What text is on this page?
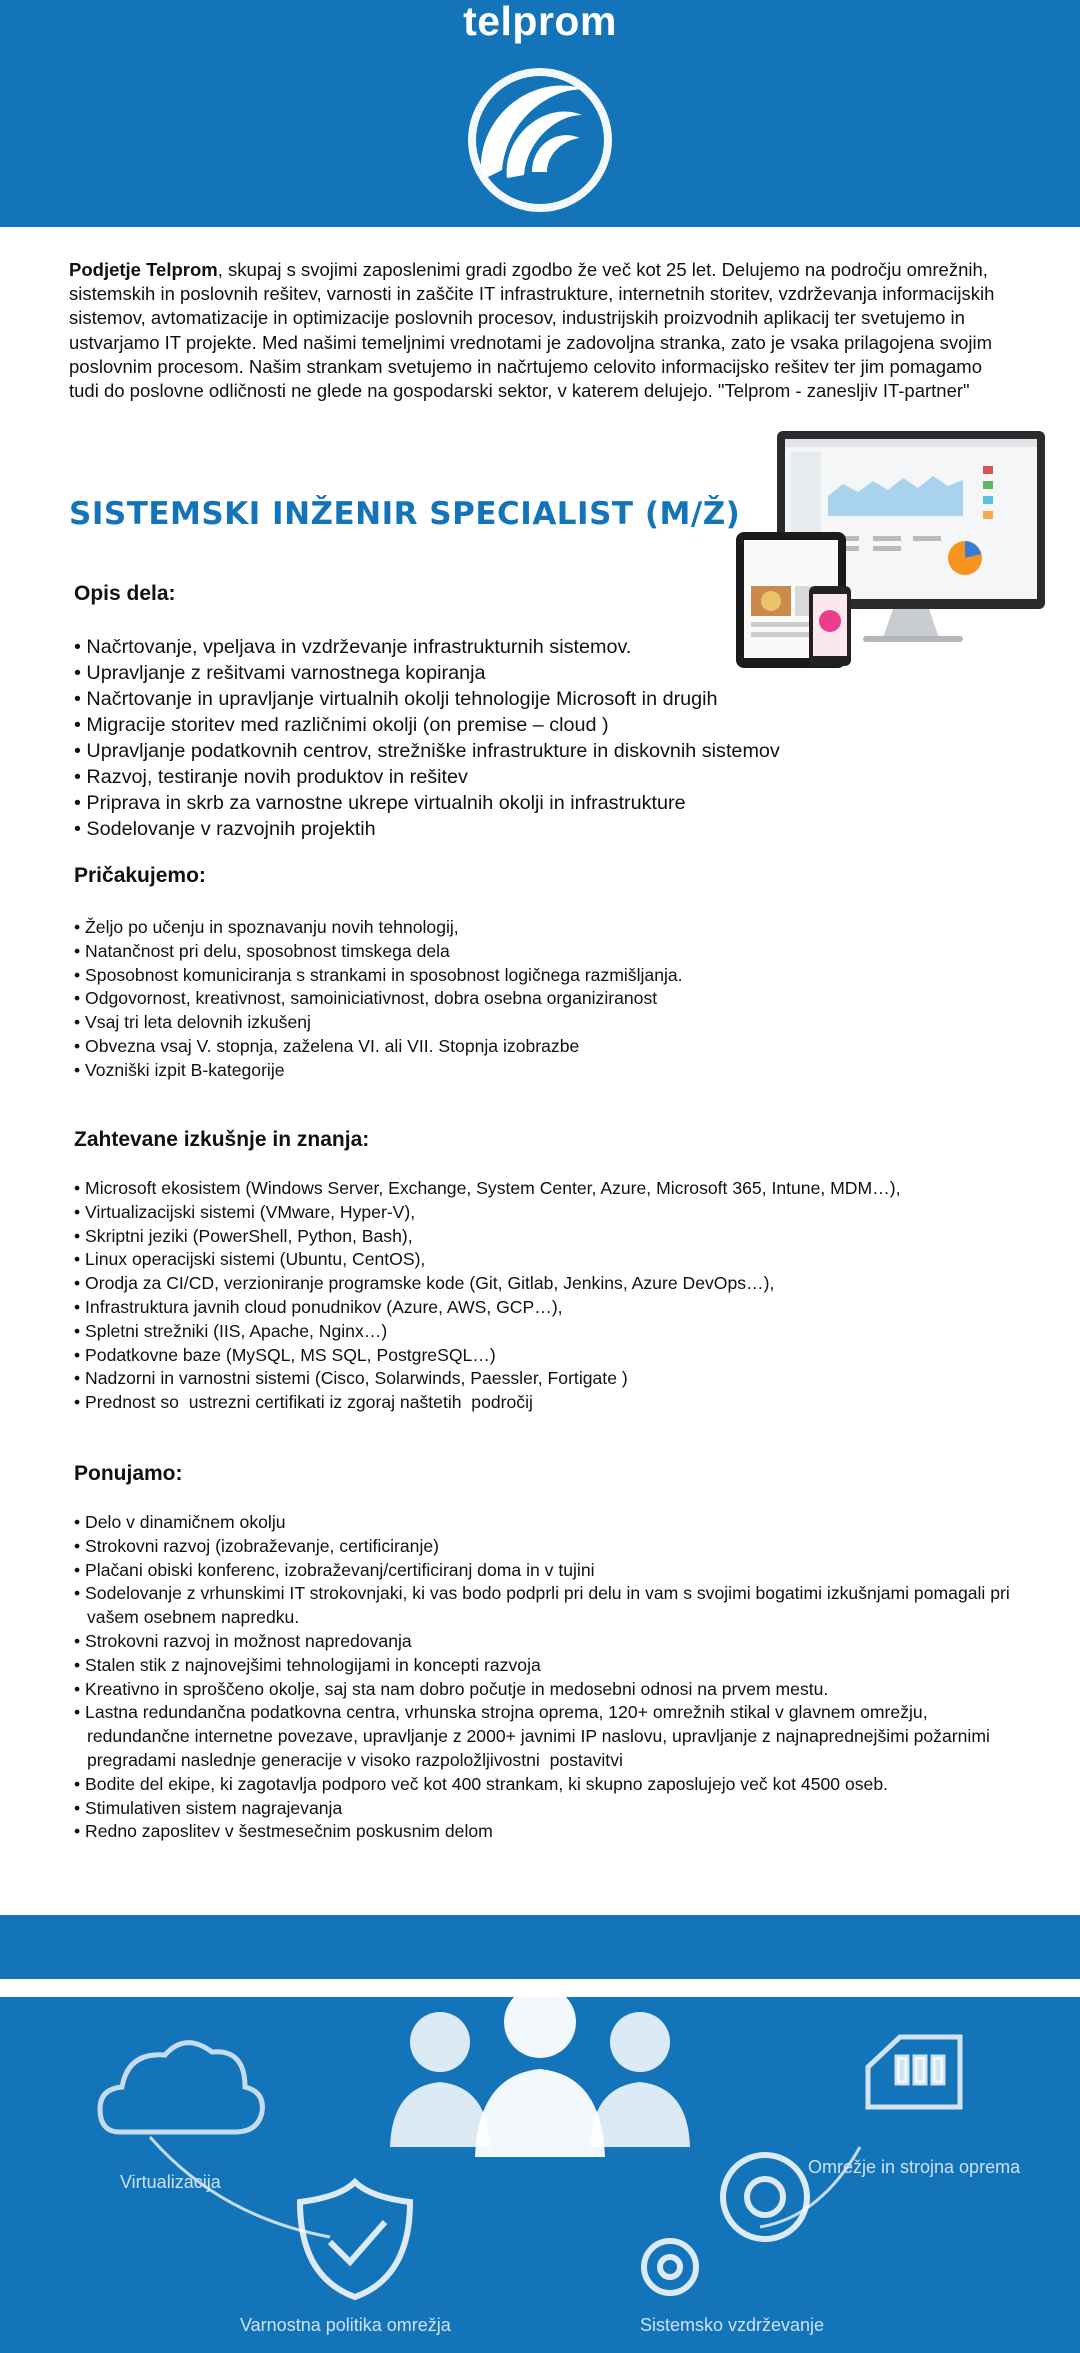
telprom
Podjetje Telprom, skupaj s svojimi zaposlenimi gradi zgodbo že več kot 25 let. Delujemo na področju omrežnih, sistemskih in poslovnih rešitev, varnosti in zaščite IT infrastrukture, internetnih storitev, vzdrževanja informacijskih sistemov, avtomatizacije in optimizacije poslovnih procesov, industrijskih proizvodnih aplikacij ter svetujemo in ustvarjamo IT projekte. Med našimi temeljnimi vrednotami je zadovoljna stranka, zato je vsaka prilagojena svojim poslovnim procesom. Našim strankam svetujemo in načrtujemo celovito informacijsko rešitev ter jim pomagamo tudi do poslovne odličnosti ne glede na gospodarski sektor, v katerem delujejo. "Telprom - zanesljiv IT-partner"
SISTEMSKI INŽENIR SPECIALIST (M/Ž)
Opis dela:
• Načrtovanje, vpeljava in vzdrževanje infrastrukturnih sistemov.
• Upravljanje z rešitvami varnostnega kopiranja
• Načrtovanje in upravljanje virtualnih okolji tehnologije Microsoft in drugih
• Migracije storitev med različnimi okolji (on premise – cloud )
• Upravljanje podatkovnih centrov, strežniške infrastrukture in diskovnih sistemov
• Razvoj, testiranje novih produktov in rešitev
• Priprava in skrb za varnostne ukrepe virtualnih okolji in infrastrukture
• Sodelovanje v razvojnih projektih
Pričakujemo:
• Željo po učenju in spoznavanju novih tehnologij,
• Natančnost pri delu, sposobnost timskega dela
• Sposobnost komuniciranja s strankami in sposobnost logičnega razmišljanja.
• Odgovornost, kreativnost, samoiniciativnost, dobra osebna organiziranost
• Vsaj tri leta delovnih izkušenj
• Obvezna vsaj V. stopnja, zaželena VI. ali VII. Stopnja izobrazbe
• Vozniški izpit B-kategorije
Zahtevane izkušnje in znanja:
• Microsoft ekosistem (Windows Server, Exchange, System Center, Azure, Microsoft 365, Intune, MDM…),
• Virtualizacijski sistemi (VMware, Hyper-V),
• Skriptni jeziki (PowerShell, Python, Bash),
• Linux operacijski sistemi (Ubuntu, CentOS),
• Orodja za CI/CD, verzioniranje programske kode (Git, Gitlab, Jenkins, Azure DevOps…),
• Infrastruktura javnih cloud ponudnikov (Azure, AWS, GCP…),
• Spletni strežniki (IIS, Apache, Nginx…)
• Podatkovne baze (MySQL, MS SQL, PostgreSQL…)
• Nadzorni in varnostni sistemi (Cisco, Solarwinds, Paessler, Fortigate )
• Prednost so  ustrezni certifikati iz zgoraj naštetih  področij
Ponujamo:
• Delo v dinamičnem okolju
• Strokovni razvoj (izobraževanje, certificiranje)
• Plačani obiski konferenc, izobraževanj/certificiranj doma in v tujini
• Sodelovanje z vrhunskimi IT strokovnjaki, ki vas bodo podprli pri delu in vam s svojimi bogatimi izkušnjami pomagali pri vašem osebnem napredku.
• Strokovni razvoj in možnost napredovanja
• Stalen stik z najnovejšimi tehnologijami in koncepti razvoja
• Kreativno in sproščeno okolje, saj sta nam dobro počutje in medosebni odnosi na prvem mestu.
• Lastna redundančna podatkovna centra, vrhunska strojna oprema, 120+ omrežnih stikal v glavnem omrežju, redundančne internetne povezave, upravljanje z 2000+ javnimi IP naslovu, upravljanje z najnaprednejšimi požarnimi pregradami naslednje generacije v visoko razpoložljivostni  postavitvi
• Bodite del ekipe, ki zagotavlja podporo več kot 400 strankam, ki skupno zaposlujejo več kot 4500 oseb.
• Stimulativen sistem nagrajevanja
• Redno zaposlitev v šestmesečnim poskusnim delom
Virtualizacija
Omrežje in strojna oprema
Varnostna politika omrežja	Sistemsko vzdrževanje
